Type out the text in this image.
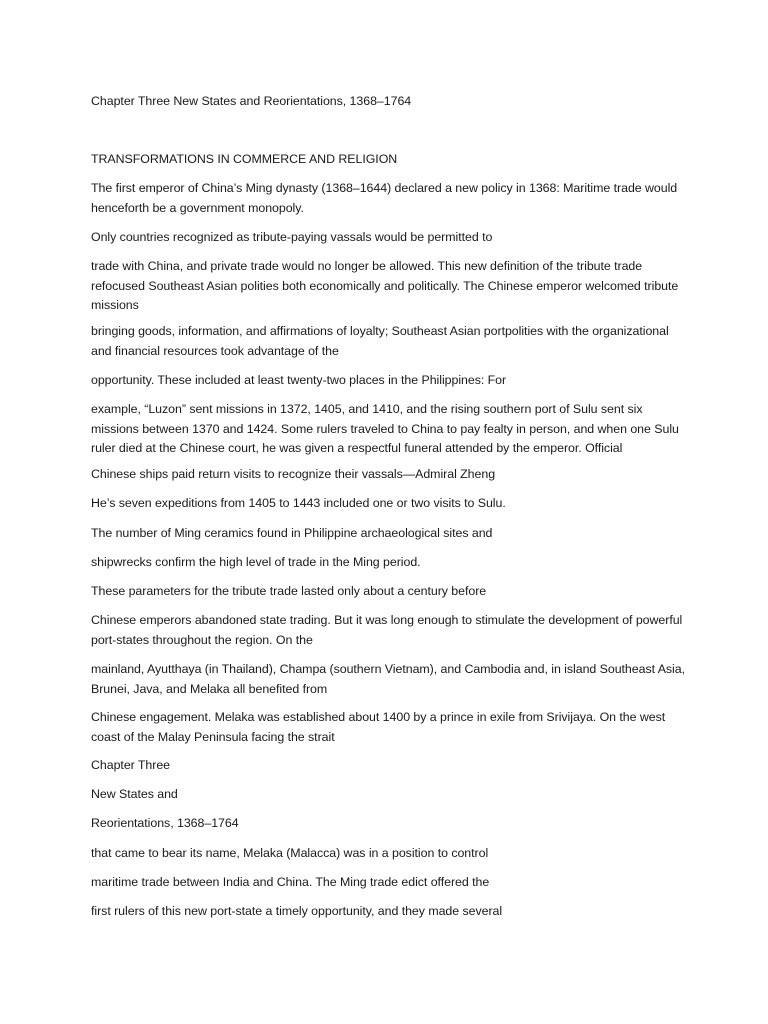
Chapter Three New States and Reorientations, 1368–1764

TRANSFORMATIONS IN COMMERCE AND RELIGION

The first emperor of China’s Ming dynasty (1368–1644) declared a new policy in 1368: Maritime trade would henceforth be a government monopoly.

Only countries recognized as tribute-paying vassals would be permitted to

trade with China, and private trade would no longer be allowed. This new definition of the tribute trade refocused Southeast Asian polities both economically and politically. The Chinese emperor welcomed tribute missions

bringing goods, information, and affirmations of loyalty; Southeast Asian portpolities with the organizational and financial resources took advantage of the

opportunity. These included at least twenty-two places in the Philippines: For

example, “Luzon” sent missions in 1372, 1405, and 1410, and the rising southern port of Sulu sent six missions between 1370 and 1424. Some rulers traveled to China to pay fealty in person, and when one Sulu ruler died at the Chinese court, he was given a respectful funeral attended by the emperor. Official

Chinese ships paid return visits to recognize their vassals—Admiral Zheng

He’s seven expeditions from 1405 to 1443 included one or two visits to Sulu.

The number of Ming ceramics found in Philippine archaeological sites and

shipwrecks confirm the high level of trade in the Ming period.

These parameters for the tribute trade lasted only about a century before

Chinese emperors abandoned state trading. But it was long enough to stimulate the development of powerful port-states throughout the region. On the

mainland, Ayutthaya (in Thailand), Champa (southern Vietnam), and Cambodia and, in island Southeast Asia, Brunei, Java, and Melaka all benefited from

Chinese engagement. Melaka was established about 1400 by a prince in exile from Srivijaya. On the west coast of the Malay Peninsula facing the strait

Chapter Three

New States and

Reorientations, 1368–1764

that came to bear its name, Melaka (Malacca) was in a position to control

maritime trade between India and China. The Ming trade edict offered the

first rulers of this new port-state a timely opportunity, and they made several
